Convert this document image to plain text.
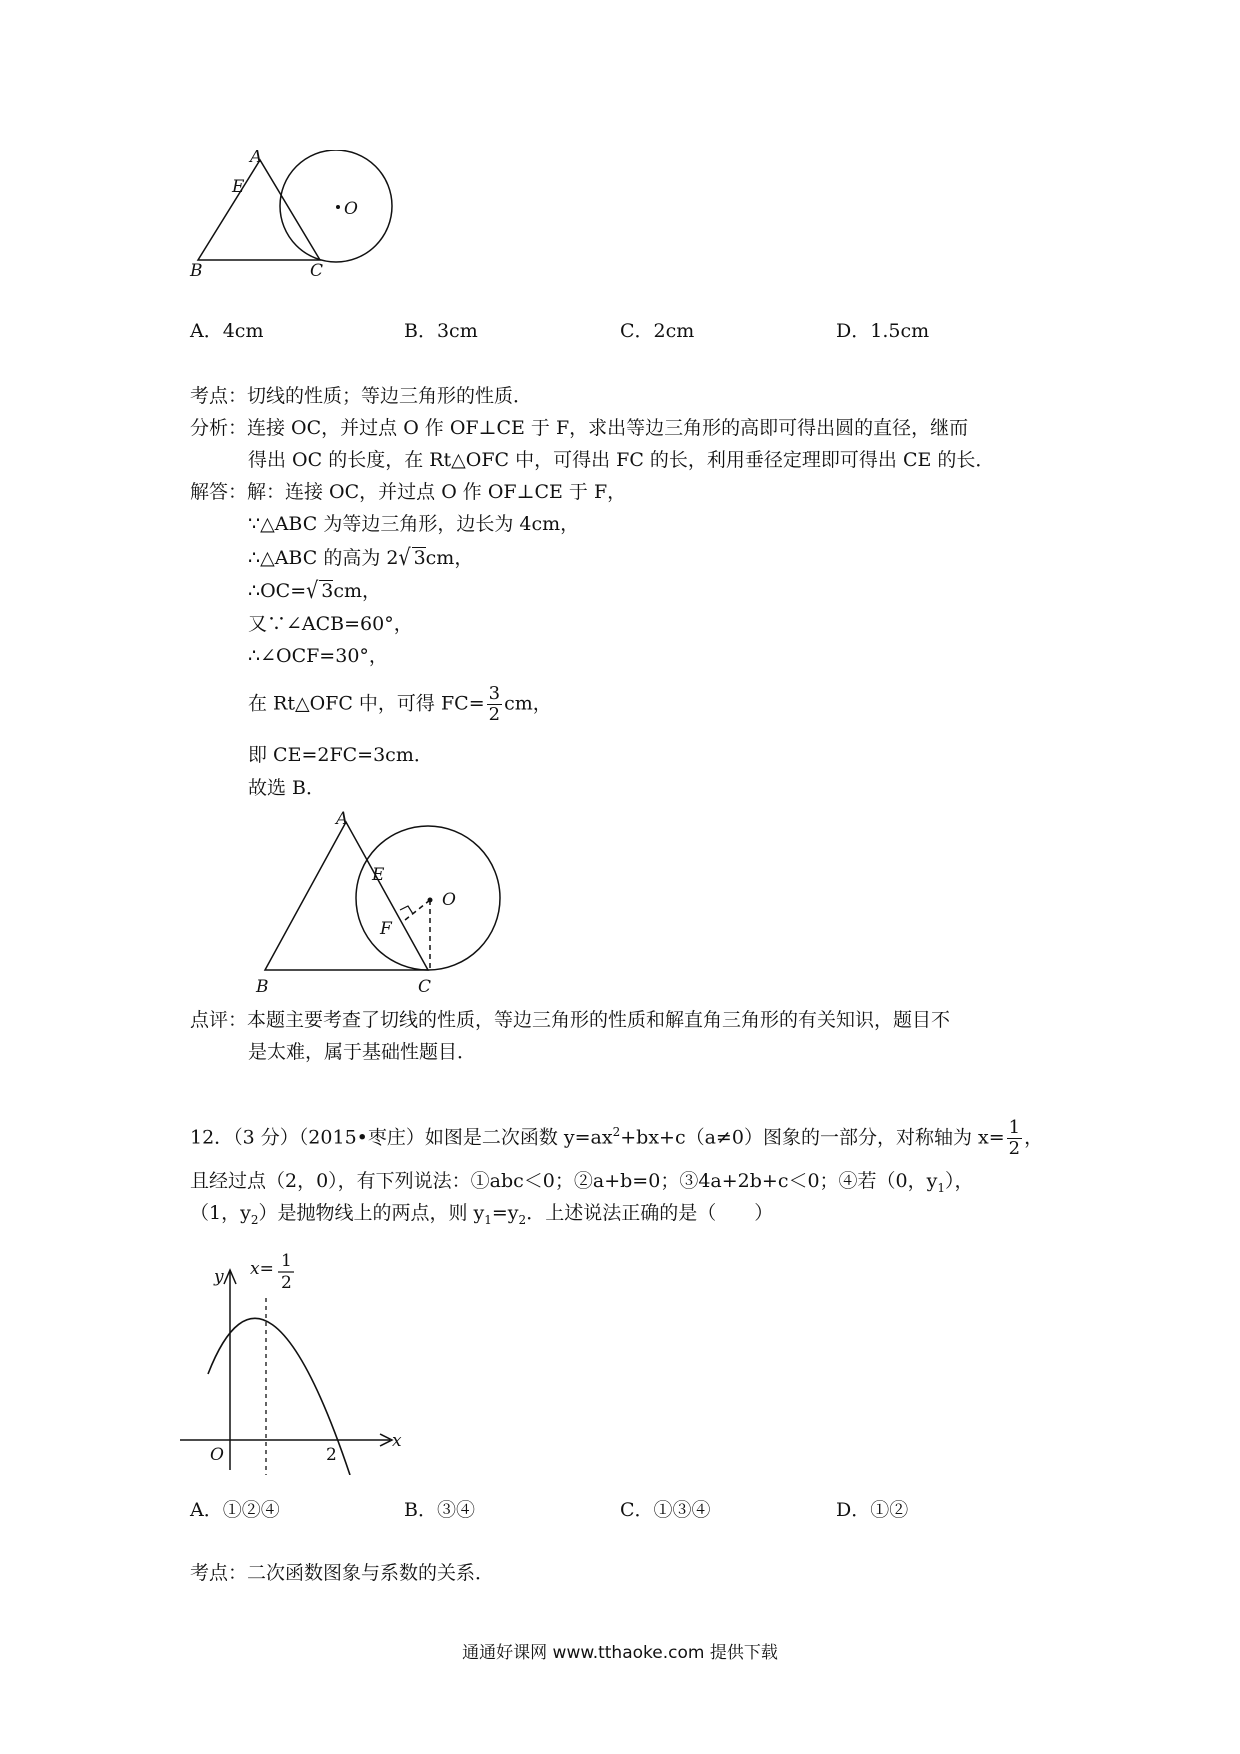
A
E
O
B	C
A．4cm	B．3cm	C．2cm	D．1.5cm
考点：切线的性质；等边三角形的性质．
分析：连接 OC，并过点 O 作 OF⊥CE 于 F，求出等边三角形的高即可得出圆的直径，继而
得出 OC 的长度，在 Rt△OFC 中，可得出 FC 的长，利用垂径定理即可得出 CE 的长．
解答：解：连接 OC，并过点 O 作 OF⊥CE 于 F，
∵△ABC 为等边三角形，边长为 4cm，
∴△ABC 的高为 2√ 3cm，
∴OC=√ 3cm，
又∵∠ACB=60°，
∴∠OCF=30°，
在 Rt△OFC 中，可得 $FC= \frac{3}{2}$ cm，
即 CE=2FC=3cm．
故选 B．
A
E
O
F
B	C
点评：本题主要考查了切线的性质，等边三角形的性质和解直角三角形的有关知识，题目不
是太难，属于基础性题目．
12．（3 分）（2015•枣庄）如图是二次函数 $y=ax^2+bx+c(a\ne 0)$图象的一部分，对称轴为 $x= \frac{1}{2}$ ，
且经过点（2，0），有下列说法：①abc＜0；②a+b=0；③4a+2b+c＜0；④若（0，$y_1$），
（1，$y_2$）是抛物线上的两点，则 $y_1=y_2$．上述说法正确的是（　　）
y x= 1
2
O	2
x
A．①②④	B．③④	C．①③④	D．①②
考点：二次函数图象与系数的关系．
通通好课网 www.tthaoke.com 提供下载
